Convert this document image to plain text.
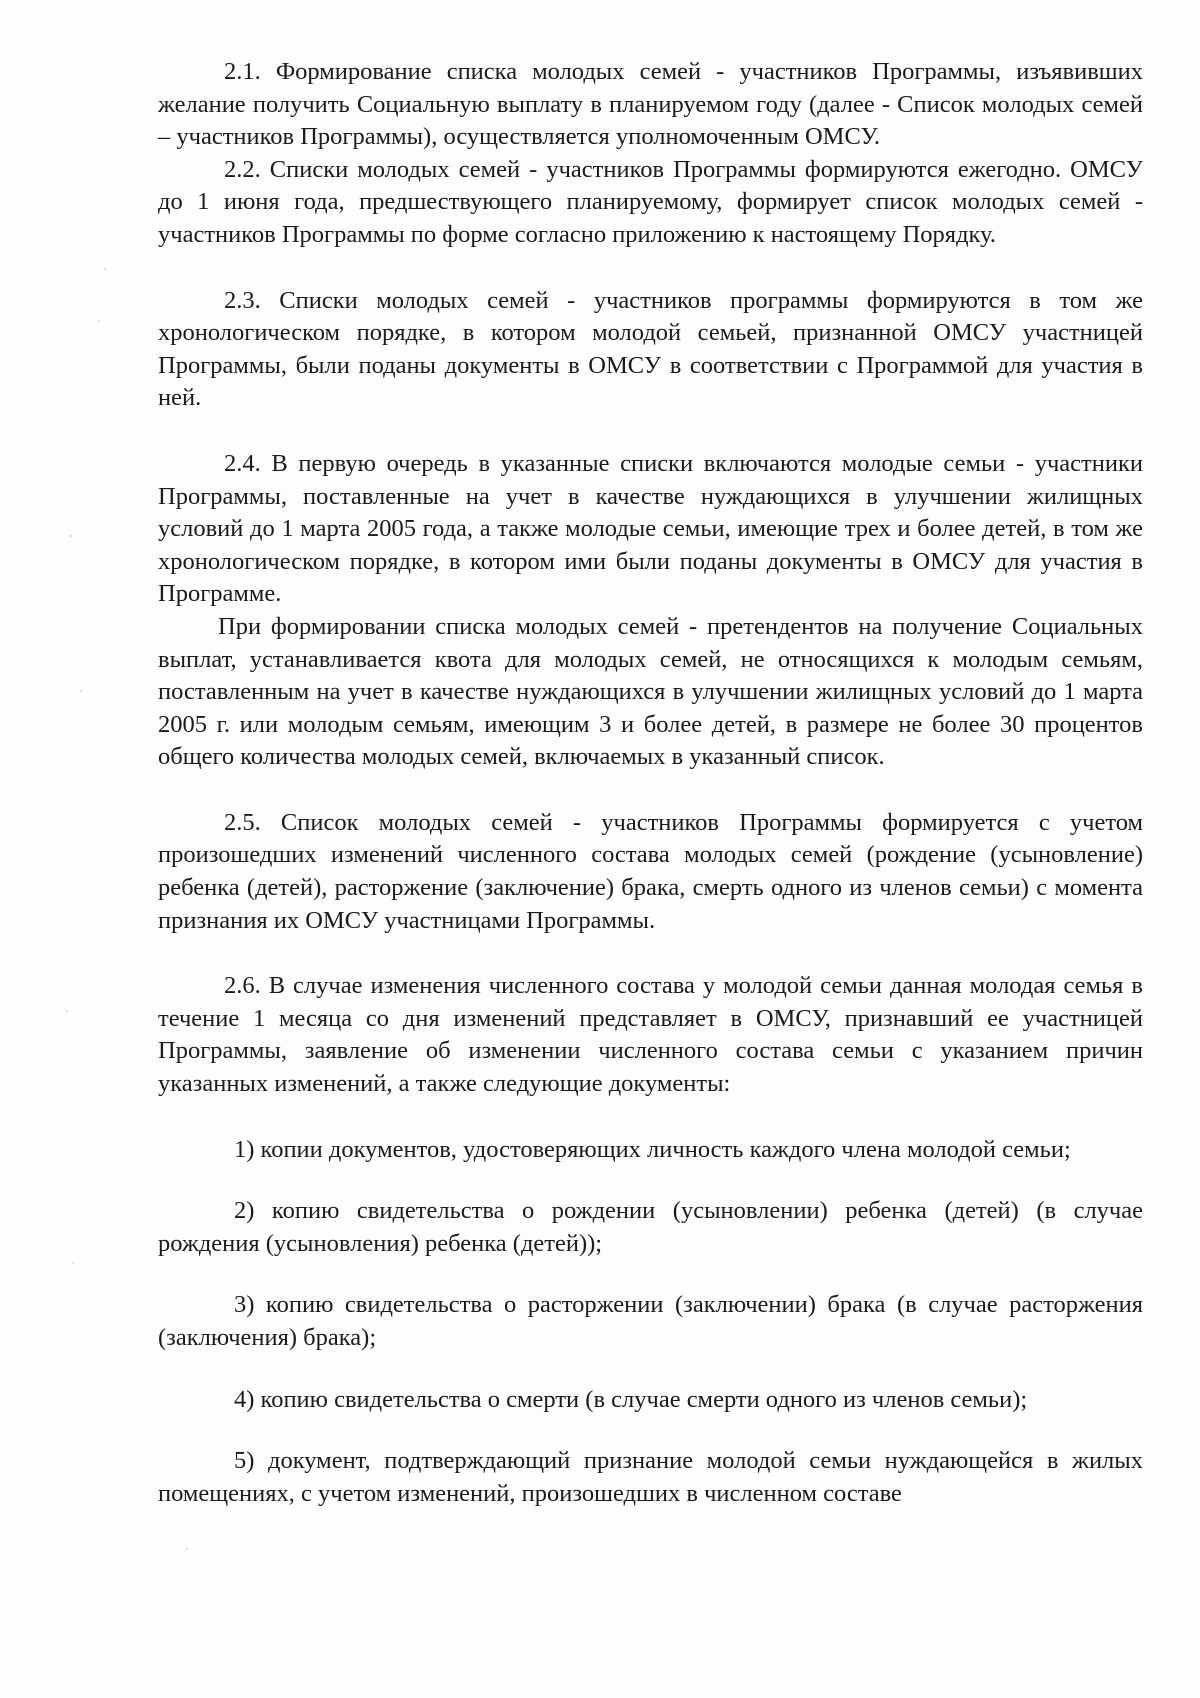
2.1. Формирование списка молодых семей - участников Программы, изъявивших желание получить Социальную выплату в планируемом году (далее - Список молодых семей – участников Программы), осуществляется уполномоченным ОМСУ.

2.2. Списки молодых семей - участников Программы формируются ежегодно. ОМСУ до 1 июня года, предшествующего планируемому, формирует список молодых семей - участников Программы по форме согласно приложению к настоящему Порядку.

2.3. Списки молодых семей - участников программы формируются в том же хронологическом порядке, в котором молодой семьей, признанной ОМСУ участницей Программы, были поданы документы в ОМСУ в соответствии с Программой для участия в ней.

2.4. В первую очередь в указанные списки включаются молодые семьи - участники Программы, поставленные на учет в качестве нуждающихся в улучшении жилищных условий до 1 марта 2005 года, а также молодые семьи, имеющие трех и более детей, в том же хронологическом порядке, в котором ими были поданы документы в ОМСУ для участия в Программе.

При формировании списка молодых семей - претендентов на получение Социальных выплат, устанавливается квота для молодых семей, не относящихся к молодым семьям, поставленным на учет в качестве нуждающихся в улучшении жилищных условий до 1 марта 2005 г. или молодым семьям, имеющим 3 и более детей, в размере не более 30 процентов общего количества молодых семей, включаемых в указанный список.

2.5. Список молодых семей - участников Программы формируется с учетом произошедших изменений численного состава молодых семей (рождение (усыновление) ребенка (детей), расторжение (заключение) брака, смерть одного из членов семьи) с момента признания их ОМСУ участницами Программы.

2.6. В случае изменения численного состава у молодой семьи данная молодая семья в течение 1 месяца со дня изменений представляет в ОМСУ, признавший ее участницей Программы, заявление об изменении численного состава семьи с указанием причин указанных изменений, а также следующие документы:

1) копии документов, удостоверяющих личность каждого члена молодой семьи;

2) копию свидетельства о рождении (усыновлении) ребенка (детей) (в случае рождения (усыновления) ребенка (детей));

3) копию свидетельства о расторжении (заключении) брака (в случае расторжения (заключения) брака);

4) копию свидетельства о смерти (в случае смерти одного из членов семьи);

5) документ, подтверждающий признание молодой семьи нуждающейся в жилых помещениях, с учетом изменений, произошедших в численном составе
